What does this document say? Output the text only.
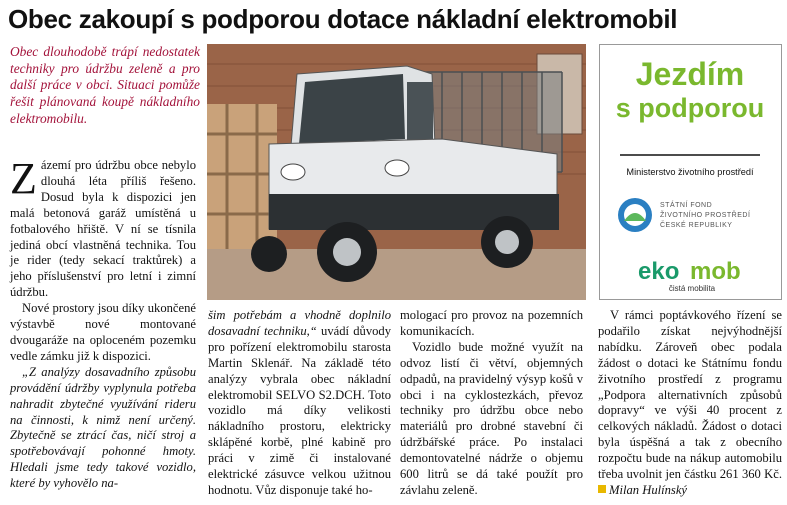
Obec zakoupí s podporou dotace nákladní elektromobil
Obec dlouhodobě trápí nedostatek techniky pro údržbu zeleně a pro další práce v obci. Situaci pomůže řešit plánovaná koupě nákladního elektromobilu.

Zázemí pro údržbu obce nebylo dlouhá léta příliš řešeno. Dosud byla k dispozici jen malá betonová garáž umístěná u fotbalového hřiště. V ní se tísnila jediná obcí vlastněná technika. Tou je rider (tedy sekací traktůrek) a jeho příslušenství pro letní i zimní údržbu.

Nové prostory jsou díky ukončené výstavbě nové montované dvougaráže na oploceném pozemku vedle zámku již k dispozici.

„Z analýzy dosavadního způsobu provádění údržby vyplynula potřeba nahradit zbytečné využívání rideru na činnosti, k nimž není určený. Zbytečně se ztrácí čas, ničí stroj a spotřebovávají pohonné hmoty. Hledali jsme tedy takové vozidlo, které by vyhovělo na-

šim potřebám a vhodně doplnilo dosavadní techniku,“ uvádí důvody pro pořízení elektromobilu starosta Martin Sklenář. Na základě této analýzy vybrala obec nákladní elektromobil SELVO S2.DCH. Toto vozidlo má díky velikosti nákladního prostoru, elektricky sklápěné korbě, plné kabině pro práci v zimě či instalované elektrické zásuvce velkou užitnou hodnotu. Vůz disponuje také ho-

mologací pro provoz na pozemních komunikacích.

Vozidlo bude možné využít na odvoz listí či větví, objemných odpadů, na pravidelný výsyp košů v obci i na cyklostezkách, převoz techniky pro údržbu obce nebo materiálů pro drobné stavební či údržbářské práce. Po instalaci demontovatelné nádrže o objemu 600 litrů se dá také použít pro závlahu zeleně.

V rámci poptávkového řízení se podařilo získat nejvýhodnější nabídku. Zároveň obec podala žádost o dotaci ke Státnímu fondu životního prostředí z programu „Podpora alternativních způsobů dopravy“ ve výši 40 procent z celkových nákladů. Žádost o dotaci byla úspěšná a tak z obecního rozpočtu bude na nákup automobilu třeba uvolnit jen částku 261 360 Kč. Milan Hulínský

Jezdím
s podporou
Ministerstvo životního prostředí
STÁTNÍ FOND
ŽIVOTNÍHO PROSTŘEDÍ
ČESKÉ REPUBLIKY
eko mob
čistá mobilita
